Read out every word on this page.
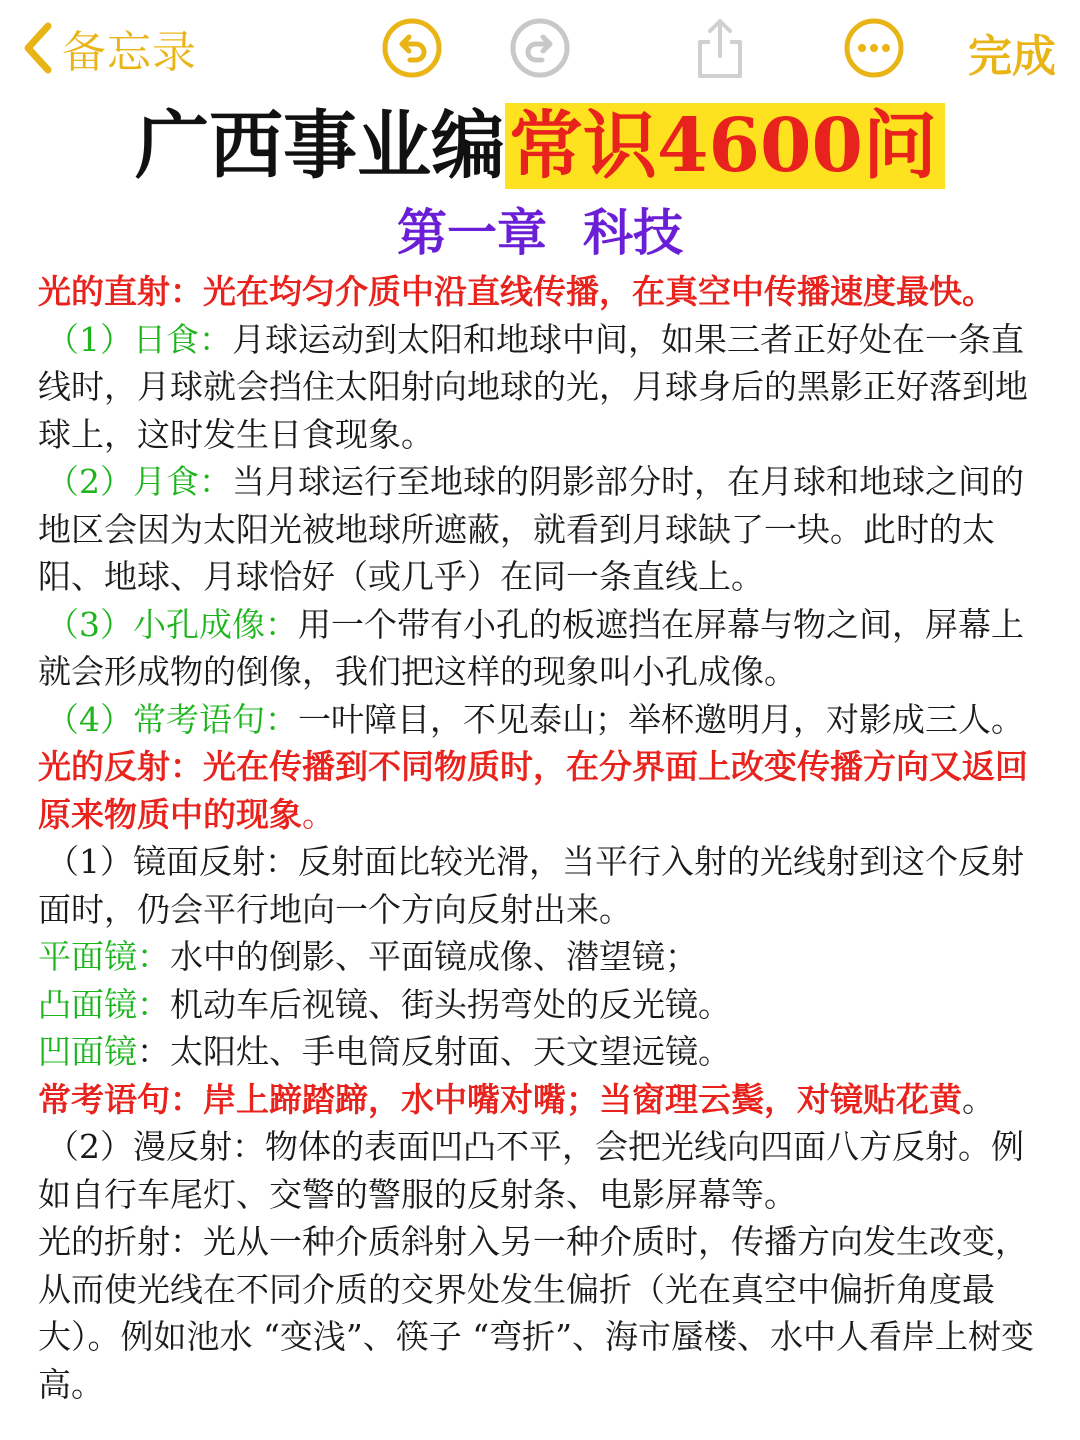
备忘录	完成
广西事业编常识4600问
第一章 科技

光的直射：光在均匀介质中沿直线传播，在真空中传播速度最快。

（1）日食：月球运动到太阳和地球中间，如果三者正好处在一条直线时，月球就会挡住太阳射向地球的光，月球身后的黑影正好落到地球上，这时发生日食现象。

（2）月食：当月球运行至地球的阴影部分时，在月球和地球之间的地区会因为太阳光被地球所遮蔽，就看到月球缺了一块。此时的太阳、地球、月球恰好（或几乎）在同一条直线上。

（3）小孔成像：用一个带有小孔的板遮挡在屏幕与物之间，屏幕上就会形成物的倒像，我们把这样的现象叫小孔成像。

（4）常考语句：一叶障目，不见泰山；举杯邀明月，对影成三人。

光的反射：光在传播到不同物质时，在分界面上改变传播方向又返回原来物质中的现象。

（1）镜面反射：反射面比较光滑，当平行入射的光线射到这个反射面时，仍会平行地向一个方向反射出来。

平面镜：水中的倒影、平面镜成像、潜望镜；

凸面镜：机动车后视镜、街头拐弯处的反光镜。

凹面镜：太阳灶、手电筒反射面、天文望远镜。

常考语句：岸上蹄踏蹄，水中嘴对嘴；当窗理云鬓，对镜贴花黄。

（2）漫反射：物体的表面凹凸不平，会把光线向四面八方反射。例如自行车尾灯、交警的警服的反射条、电影屏幕等。

光的折射：光从一种介质斜射入另一种介质时，传播方向发生改变，从而使光线在不同介质的交界处发生偏折（光在真空中偏折角度最大）。例如池水 “变浅”、筷子 “弯折”、海市蜃楼、水中人看岸上树变高。
